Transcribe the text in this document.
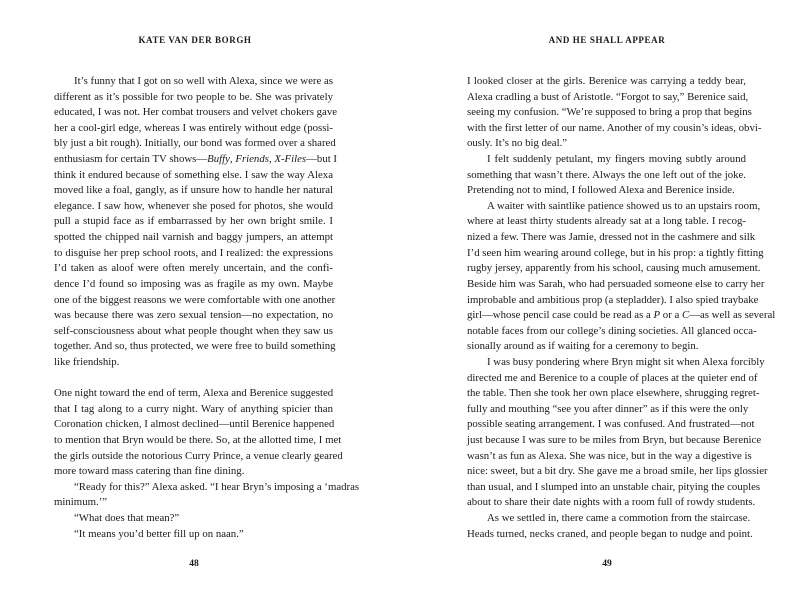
KATE VAN DER BORGH
It’s funny that I got on so well with Alexa, since we were as
different as it’s possible for two people to be. She was privately
educated, I was not. Her combat trousers and velvet chokers gave
her a cool-girl edge, whereas I was entirely without edge (possi-
bly just a bit rough). Initially, our bond was formed over a shared
enthusiasm for certain TV shows—Buffy, Friends, X-Files—but I
think it endured because of something else. I saw the way Alexa
moved like a foal, gangly, as if unsure how to handle her natural
elegance. I saw how, whenever she posed for photos, she would
pull a stupid face as if embarrassed by her own bright smile. I
spotted the chipped nail varnish and baggy jumpers, an attempt
to disguise her prep school roots, and I realized: the expressions
I’d taken as aloof were often merely uncertain, and the confi-
dence I’d found so imposing was as fragile as my own. Maybe
one of the biggest reasons we were comfortable with one another
was because there was zero sexual tension—no expectation, no
self-consciousness about what people thought when they saw us
together. And so, thus protected, we were free to build something
like friendship.
One night toward the end of term, Alexa and Berenice suggested
that I tag along to a curry night. Wary of anything spicier than
Coronation chicken, I almost declined—until Berenice happened
to mention that Bryn would be there. So, at the allotted time, I met
the girls outside the notorious Curry Prince, a venue clearly geared
more toward mass catering than fine dining.
“Ready for this?” Alexa asked. “I hear Bryn’s imposing a ‘madras
minimum.’”
“What does that mean?”
“It means you’d better fill up on naan.”
48
AND HE SHALL APPEAR
I looked closer at the girls. Berenice was carrying a teddy bear,
Alexa cradling a bust of Aristotle. “Forgot to say,” Berenice said,
seeing my confusion. “We’re supposed to bring a prop that begins
with the first letter of our name. Another of my cousin’s ideas, obvi-
ously. It’s no big deal.”
I felt suddenly petulant, my fingers moving subtly around
something that wasn’t there. Always the one left out of the joke.
Pretending not to mind, I followed Alexa and Berenice inside.
A waiter with saintlike patience showed us to an upstairs room,
where at least thirty students already sat at a long table. I recog-
nized a few. There was Jamie, dressed not in the cashmere and silk
I’d seen him wearing around college, but in his prop: a tightly fitting
rugby jersey, apparently from his school, causing much amusement.
Beside him was Sarah, who had persuaded someone else to carry her
improbable and ambitious prop (a stepladder). I also spied traybake
girl—whose pencil case could be read as a P or a C—as well as several
notable faces from our college’s dining societies. All glanced occa-
sionally around as if waiting for a ceremony to begin.
I was busy pondering where Bryn might sit when Alexa forcibly
directed me and Berenice to a couple of places at the quieter end of
the table. Then she took her own place elsewhere, shrugging regret-
fully and mouthing “see you after dinner” as if this were the only
possible seating arrangement. I was confused. And frustrated—not
just because I was sure to be miles from Bryn, but because Berenice
wasn’t as fun as Alexa. She was nice, but in the way a digestive is
nice: sweet, but a bit dry. She gave me a broad smile, her lips glossier
than usual, and I slumped into an unstable chair, pitying the couples
about to share their date nights with a room full of rowdy students.
As we settled in, there came a commotion from the staircase.
Heads turned, necks craned, and people began to nudge and point.
49
